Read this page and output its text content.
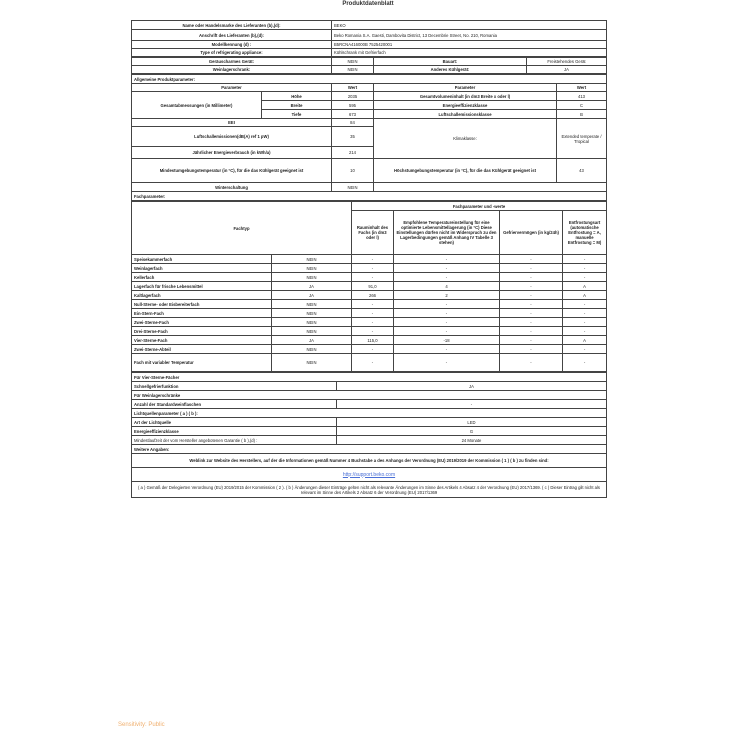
Produktdatenblatt
Name oder Handelsmarke des Lieferanten (b),(d):	BEKO
Anschrift des Lieferanten (b),(d):	Beko Romania S.A. Gaesti, Dambovita District, 13 Decembrie Street, No. 210, Romania
Modellkennung (d) :	B5RCNA416000B 7525420001
Type of refrigerating appliance:	Kühlschrank mit Gefrierfach
Geräuscharmes Gerät:	NEIN	Bauart:	Freistehendes Gerät
Weinlagerschrank:	NEIN	Anderes Kühlgerät:	JA
Allgemeine Produktparameter:				
Parameter		Wert	Parameter	Wert
Gesamtabmessungen (in Millimeter)	Höhe	2035	Gesamtvolumeninhalt (in dm3 Breite x oder l)	413
	Breite	595	Energieeffizienzklasse	C
	Tiefe	673	Luftschallemissionsklasse	B
EEI		84	Klimaklasse:	Extended temperate / Tropical
Luftschallemissionen(dB(A) ref 1 pW)		35		
Jährlicher Energieverbrauch (in kWh/a)		214		
Mindestumgebungstemperatur (in °C), für die das Kühlgerät geeignet ist		10	Höchstumgebungstemperatur (in °C), für die das Kühlgerät geeignet ist	43
Winterschaltung		NEIN		
Fachparameter:				
Fachtyp		Fachparameter und -werte			
		Rauminhalt des Fachs (in dm3 oder l)	Empfohlene Temperatureinstellung für eine optimierte Lebensmittellagerung (in °C) Diese Einstellungen dürfen nicht im Widerspruch zu den Lagerbedingungen gemäß Anhang IV Tabelle 3 stehen)	Gefriervermögen (in kg/24h)	Entfrostungsart (automatische Entfrostung = A, manuelle Entfrostung = M)
Speisekammerfach	NEIN	-	-	-	-
Weinlagerfach	NEIN	-	-	-	-
Kellerfach	NEIN	-	-	-	-
Lagerfach für frische Lebensmittel	JA	91,0	4	-	A
Kaltlagerfach	JA	266	2	-	A
Null-Sterne- oder Eisbereiterfach	NEIN	-	-	-	-
Ein-Stern-Fach	NEIN	-	-	-	-
Zwei-Sterne-Fach	NEIN	-	-	-	-
Drei-Sterne-Fach	NEIN	-	-	-	-
Vier-Sterne-Fach	JA	115,0	-18	-	A
Zwei-Sterne-Abteil	NEIN	-	-	-	-
Fach mit variabler Temperatur	NEIN	-	-	-	-
Für Vier-Sterne-Fächer	
Schnellgefrierfunktion	JA
Für Weinlagerschränke	
Anzahl der Standardweinflaschen	-
Lichtquellenparameter ( a ) ( b ):	
Art der Lichtquelle	LED
Energieeffizienzklasse	G
Mindestlaufzeit der vom Hersteller angebotenen Garantie ( b ),(d) :	24 Monate
Weitere Angaben:	
Weblink zur Website des Herstellers, auf der die Informationen gemäß Nummer 4 Buchstabe a des Anhangs der Verordnung (EU) 2019/2019 der Kommission ( 1 ) ( b ) zu finden sind:	
http://support.beko.com	
( a ) Gemäß der Delegierten Verordnung (EU) 2019/2015 der Kommission ( 2 ). ( b ) Änderungen dieser Einträge gelten nicht als relevante Änderungen im Sinne des Artikels 4 Absatz 4 der Verordnung (EU) 2017/1369. ( c ) Dieser Eintrag gilt nicht als relevant im Sinne des Artikels 2 Absatz 6 der Verordnung (EU) 2017/1369	
Sensitivity: Public
